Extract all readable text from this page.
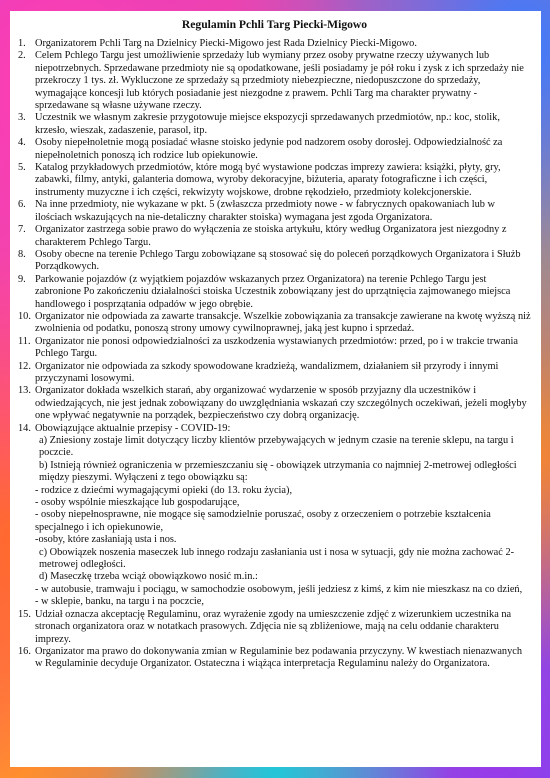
Regulamin Pchli Targ Piecki-Migowo
1. Organizatorem Pchli Targ na Dzielnicy Piecki-Migowo jest Rada Dzielnicy Piecki-Migowo.
2. Celem Pchlego Targu jest umożliwienie sprzedaży lub wymiany przez osoby prywatne rzeczy używanych lub niepotrzebnych. Sprzedawane przedmioty nie są opodatkowane, jeśli posiadamy je pół roku i zysk z ich sprzedaży nie przekroczy 1 tys. zł. Wykluczone ze sprzedaży są przedmioty niebezpieczne, niedopuszczone do sprzedaży, wymagające koncesji lub których posiadanie jest niezgodne z prawem. Pchli Targ ma charakter prywatny - sprzedawane są własne używane rzeczy.
3. Uczestnik we własnym zakresie przygotowuje miejsce ekspozycji sprzedawanych przedmiotów, np.: koc, stolik, krzesło, wieszak, zadaszenie, parasol, itp.
4. Osoby niepełnoletnie mogą posiadać własne stoisko jedynie pod nadzorem osoby dorosłej. Odpowiedzialność za niepełnoletnich ponoszą ich rodzice lub opiekunowie.
5. Katalog przykładowych przedmiotów, które mogą być wystawione podczas imprezy zawiera: książki, płyty, gry, zabawki, filmy, antyki, galanteria domowa, wyroby dekoracyjne, biżuteria, aparaty fotograficzne i ich części, instrumenty muzyczne i ich części, rekwizyty wojskowe, drobne rękodzieło, przedmioty kolekcjonerskie.
6. Na inne przedmioty, nie wykazane w pkt. 5 (zwłaszcza przedmioty nowe - w fabrycznych opakowaniach lub w ilościach wskazujących na nie-detaliczny charakter stoiska) wymagana jest zgoda Organizatora.
7. Organizator zastrzega sobie prawo do wyłączenia ze stoiska artykułu, który według Organizatora jest niezgodny z charakterem Pchlego Targu.
8. Osoby obecne na terenie Pchlego Targu zobowiązane są stosować się do poleceń porządkowych Organizatora i Służb Porządkowych.
9. Parkowanie pojazdów (z wyjątkiem pojazdów wskazanych przez Organizatora) na terenie Pchlego Targu jest zabronione Po zakończeniu działalności stoiska Uczestnik zobowiązany jest do uprzątnięcia zajmowanego miejsca handlowego i posprzątania odpadów w jego obrębie.
10. Organizator nie odpowiada za zawarte transakcje. Wszelkie zobowiązania za transakcje zawierane na kwotę wyższą niż zwolnienia od podatku, ponoszą strony umowy cywilnoprawnej, jaką jest kupno i sprzedaż.
11. Organizator nie ponosi odpowiedzialności za uszkodzenia wystawianych przedmiotów: przed, po i w trakcie trwania Pchlego Targu.
12. Organizator nie odpowiada za szkody spowodowane kradzieżą, wandalizmem, działaniem sił przyrody i innymi przyczynami losowymi.
13. Organizator dokłada wszelkich starań, aby organizować wydarzenie w sposób przyjazny dla uczestników i odwiedzających, nie jest jednak zobowiązany do uwzględniania wskazań czy szczególnych oczekiwań, jeżeli mogłyby one wpływać negatywnie na porządek, bezpieczeństwo czy dobrą organizację.
14. Obowiązujące aktualnie przepisy - COVID-19:
a) Zniesiony zostaje limit dotyczący liczby klientów przebywających w jednym czasie na terenie sklepu, na targu i poczcie.
b) Istnieją również ograniczenia w przemieszczaniu się - obowiązek utrzymania co najmniej 2-metrowej odległości między pieszymi. Wyłączeni z tego obowiązku są:
- rodzice z dziećmi wymagającymi opieki (do 13. roku życia),
- osoby wspólnie mieszkające lub gospodarujące,
- osoby niepełnosprawne, nie mogące się samodzielnie poruszać, osoby z orzeczeniem o potrzebie kształcenia specjalnego i ich opiekunowie,
-osoby, które zasłaniają usta i nos.
c) Obowiązek noszenia maseczek lub innego rodzaju zasłaniania ust i nosa w sytuacji, gdy nie można zachować 2-metrowej odległości.
d) Maseczkę trzeba wciąż obowiązkowo nosić m.in.:
- w autobusie, tramwaju i pociągu, w samochodzie osobowym, jeśli jedziesz z kimś, z kim nie mieszkasz na co dzień,
- w sklepie, banku, na targu i na poczcie,
15. Udział oznacza akceptację Regulaminu, oraz wyrażenie zgody na umieszczenie zdjęć z wizerunkiem uczestnika na stronach organizatora oraz w notatkach prasowych. Zdjęcia nie są zbliżeniowe, mają na celu oddanie charakteru imprezy.
16. Organizator ma prawo do dokonywania zmian w Regulaminie bez podawania przyczyny. W kwestiach nienazwanych w Regulaminie decyduje Organizator. Ostateczna i wiążąca interpretacja Regulaminu należy do Organizatora.
